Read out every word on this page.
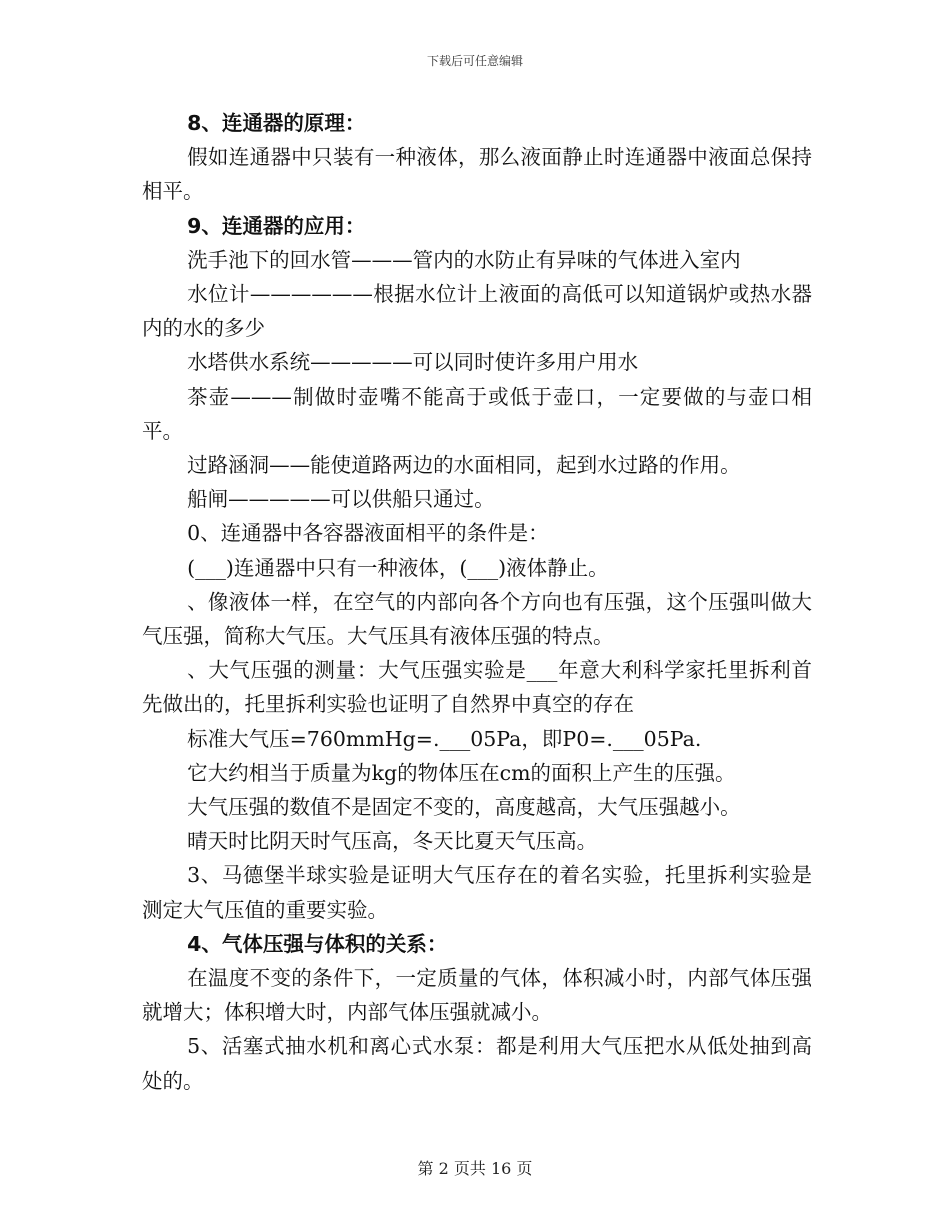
下载后可任意编辑

8、连通器的原理：

假如连通器中只装有一种液体，那么液面静止时连通器中液面总保持相平。

9、连通器的应用：

洗手池下的回水管———管内的水防止有异味的气体进入室内

水位计——————根据水位计上液面的高低可以知道锅炉或热水器内的水的多少

水塔供水系统—————可以同时使许多用户用水

茶壶———制做时壶嘴不能高于或低于壶口，一定要做的与壶口相平。

过路涵洞——能使道路两边的水面相同，起到水过路的作用。

船闸—————可以供船只通过。

0、连通器中各容器液面相平的条件是：

(___)连通器中只有一种液体，(___)液体静止。

、像液体一样，在空气的内部向各个方向也有压强，这个压强叫做大气压强，简称大气压。大气压具有液体压强的特点。

、大气压强的测量：大气压强实验是___年意大利科学家托里拆利首先做出的，托里拆利实验也证明了自然界中真空的存在

标准大气压=760mmHg=.___05Pa，即P0=.___05Pa.

它大约相当于质量为kg的物体压在cm的面积上产生的压强。

大气压强的数值不是固定不变的，高度越高，大气压强越小。

晴天时比阴天时气压高，冬天比夏天气压高。

3、马德堡半球实验是证明大气压存在的着名实验，托里拆利实验是测定大气压值的重要实验。

4、气体压强与体积的关系：

在温度不变的条件下，一定质量的气体，体积减小时，内部气体压强就增大；体积增大时，内部气体压强就减小。

5、活塞式抽水机和离心式水泵：都是利用大气压把水从低处抽到高处的。

第 2 页共 16 页
